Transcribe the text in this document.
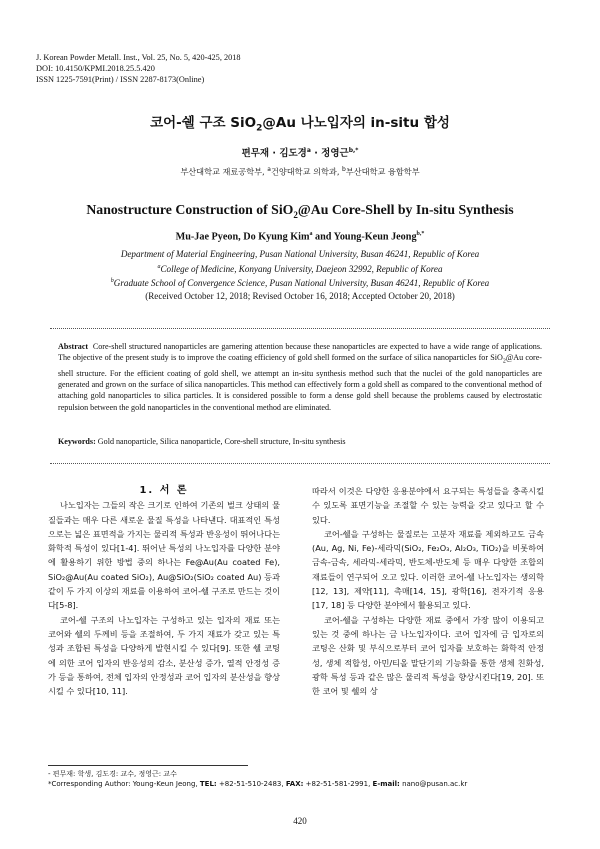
J. Korean Powder Metall. Inst., Vol. 25, No. 5, 420-425, 2018
DOI: 10.4150/KPMI.2018.25.5.420
ISSN 1225-7591(Print) / ISSN 2287-8173(Online)
코어-쉘 구조 SiO$_2$@Au 나노입자의 in-situ 합성
편무재 · 김도경$^a$ · 정영근$^{b,*}$
부산대학교 재료공학부, $^a$건양대학교 의학과, $^b$부산대학교 융합학부
Nanostructure Construction of SiO$_2$@Au Core-Shell by In-situ Synthesis
Mu-Jae Pyeon, Do Kyung Kim$^a$ and Young-Keun Jeong$^{b,*}$
Department of Material Engineering, Pusan National University, Busan 46241, Republic of Korea
$^a$College of Medicine, Konyang University, Daejeon 32992, Republic of Korea
$^b$Graduate School of Convergence Science, Pusan National University, Busan 46241, Republic of Korea
(Received October 12, 2018; Revised October 16, 2018; Accepted October 20, 2018)
Abstract Core-shell structured nanoparticles are garnering attention because these nanoparticles are expected to have a wide range of applications. The objective of the present study is to improve the coating efficiency of gold shell formed on the surface of silica nanoparticles for SiO$_2$@Au core-shell structure. For the efficient coating of gold shell, we attempt an in-situ synthesis method such that the nuclei of the gold nanoparticles are generated and grown on the surface of silica nanoparticles. This method can effectively form a gold shell as compared to the conventional method of attaching gold nanoparticles to silica particles. It is considered possible to form a dense gold shell because the problems caused by electrostatic repulsion between the gold nanoparticles in the conventional method are eliminated.
Keywords: Gold nanoparticle, Silica nanoparticle, Core-shell structure, In-situ synthesis

1. 서 론

나노입자는 그들의 작은 크기로 인하여 기존의 벌크 상태의 물질들과는 매우 다른 새로운 물질 특성을 나타낸다. 대표적인 특성으로는 넓은 표면적을 가지는 물리적 특성과 반응성이 뛰어나다는 화학적 특성이 있다[1-4]. 뛰어난 특성의 나노입자를 다양한 분야에 활용하기 위한 방법 중의 하나는 Fe@Au(Au coated Fe), SiO₂@Au(Au coated SiO₂), Au@SiO₂(SiO₂ coated Au) 등과 같이 두 가지 이상의 재료를 이용하여 코어-쉘 구조로 만드는 것이다[5-8].

코어-쉘 구조의 나노입자는 구성하고 있는 입자의 재료 또는 코어와 쉘의 두께비 등을 조절하여, 두 가지 재료가 갖고 있는 특성과 조합된 특성을 다양하게 발현시킬 수 있다[9]. 또한 쉘 코팅에 의한 코어 입자의 반응성의 감소, 분산성 증가, 열적 안정성 증가 등을 통하여, 전체 입자의 안정성과 코어 입자의 분산성을 향상시킬 수 있다[10, 11].

따라서 이것은 다양한 응용분야에서 요구되는 특성들을 충족시킬 수 있도록 표면기능을 조절할 수 있는 능력을 갖고 있다고 할 수 있다.

코어-쉘을 구성하는 물질로는 고분자 재료를 제외하고도 금속(Au, Ag, Ni, Fe)-세라믹(SiO₂, Fe₂O₃, Al₂O₃, TiO₂)을 비롯하여 금속-금속, 세라믹-세라믹, 반도체-반도체 등 매우 다양한 조합의 재료들이 연구되어 오고 있다. 이러한 코어-쉘 나노입자는 생의학[12, 13], 제약[11], 촉매[14, 15], 광학[16], 전자기적 응용[17, 18] 등 다양한 분야에서 활용되고 있다.

코어-쉘을 구성하는 다양한 재료 중에서 가장 많이 이용되고 있는 것 중에 하나는 금 나노입자이다. 코어 입자에 금 입자로의 코팅은 산화 및 부식으로부터 코어 입자를 보호하는 화학적 안정성, 생체 적합성, 아민/티올 말단기의 기능화를 통한 생체 친화성, 광학 특성 등과 같은 많은 물리적 특성을 향상시킨다[19, 20]. 또한 코어 및 쉘의 상

- 편무재: 학생, 김도경: 교수, 정영근: 교수
*Corresponding Author: Young-Keun Jeong, TEL: +82-51-510-2483, FAX: +82-51-581-2991, E-mail: nano@pusan.ac.kr
420
